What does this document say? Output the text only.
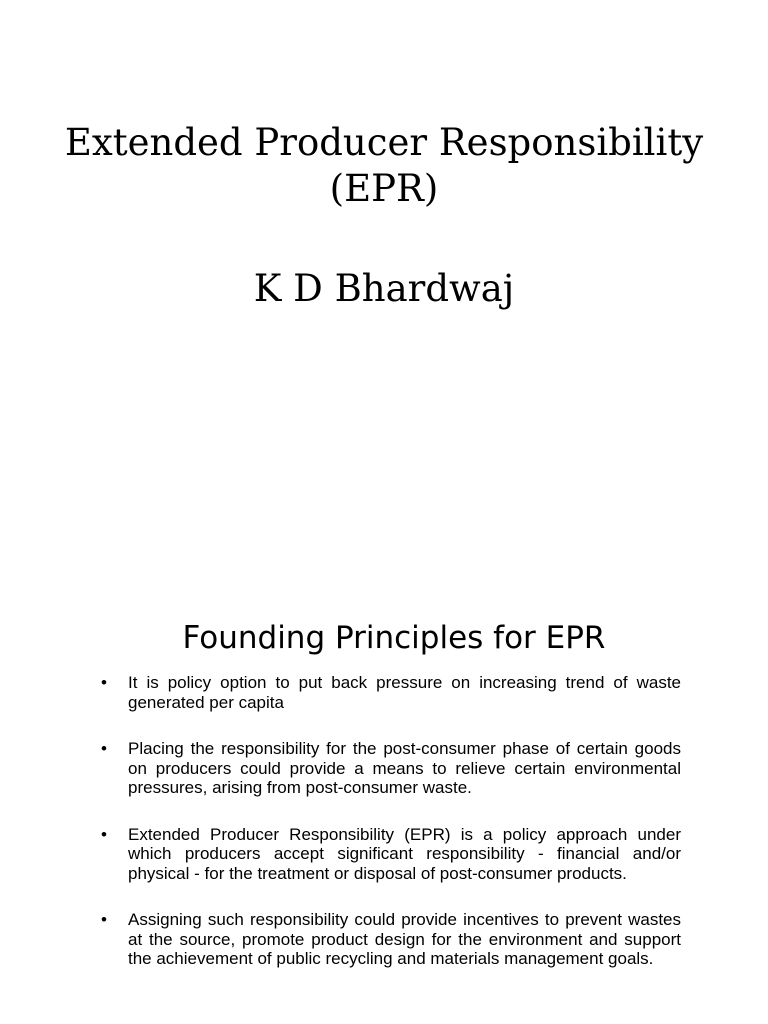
Extended Producer Responsibility
(EPR)
K D Bhardwaj
Founding Principles for EPR
• It is policy option to put back pressure on increasing trend of waste generated per capita
• Placing the responsibility for the post-consumer phase of certain goods on producers could provide a means to relieve certain environmental pressures, arising from post-consumer waste.
• Extended Producer Responsibility (EPR) is a policy approach under which producers accept significant responsibility - financial and/or physical - for the treatment or disposal of post-consumer products.
• Assigning such responsibility could provide incentives to prevent wastes at the source, promote product design for the environment and support the achievement of public recycling and materials management goals.
